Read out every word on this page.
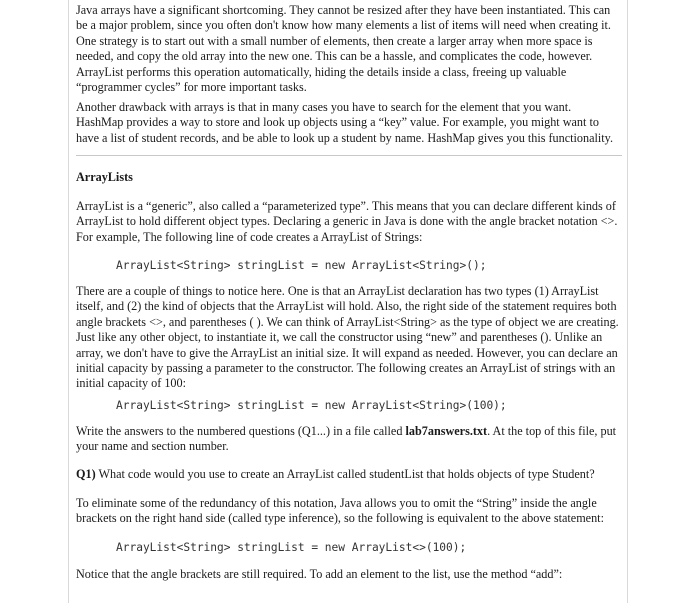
Java arrays have a significant shortcoming. They cannot be resized after they have been instantiated. This can be a major problem, since you often don't know how many elements a list of items will need when creating it. One strategy is to start out with a small number of elements, then create a larger array when more space is needed, and copy the old array into the new one. This can be a hassle, and complicates the code, however. ArrayList performs this operation automatically, hiding the details inside a class, freeing up valuable “programmer cycles” for more important tasks.

Another drawback with arrays is that in many cases you have to search for the element that you want. HashMap provides a way to store and look up objects using a “key” value. For example, you might want to have a list of student records, and be able to look up a student by name. HashMap gives you this functionality.

ArrayLists

ArrayList is a “generic”, also called a “parameterized type”. This means that you can declare different kinds of ArrayList to hold different object types. Declaring a generic in Java is done with the angle bracket notation <>. For example, The following line of code creates a ArrayList of Strings:

ArrayList<String> stringList = new ArrayList<String>();

There are a couple of things to notice here. One is that an ArrayList declaration has two types (1) ArrayList itself, and (2) the kind of objects that the ArrayList will hold. Also, the right side of the statement requires both angle brackets <>, and parentheses ( ). We can think of ArrayList<String> as the type of object we are creating. Just like any other object, to instantiate it, we call the constructor using “new” and parentheses (). Unlike an array, we don't have to give the ArrayList an initial size. It will expand as needed. However, you can declare an initial capacity by passing a parameter to the constructor. The following creates an ArrayList of strings with an initial capacity of 100:

ArrayList<String> stringList = new ArrayList<String>(100);

Write the answers to the numbered questions (Q1...) in a file called lab7answers.txt. At the top of this file, put your name and section number.

Q1) What code would you use to create an ArrayList called studentList that holds objects of type Student?

To eliminate some of the redundancy of this notation, Java allows you to omit the “String” inside the angle brackets on the right hand side (called type inference), so the following is equivalent to the above statement:

ArrayList<String> stringList = new ArrayList<>(100);

Notice that the angle brackets are still required. To add an element to the list, use the method “add”:
